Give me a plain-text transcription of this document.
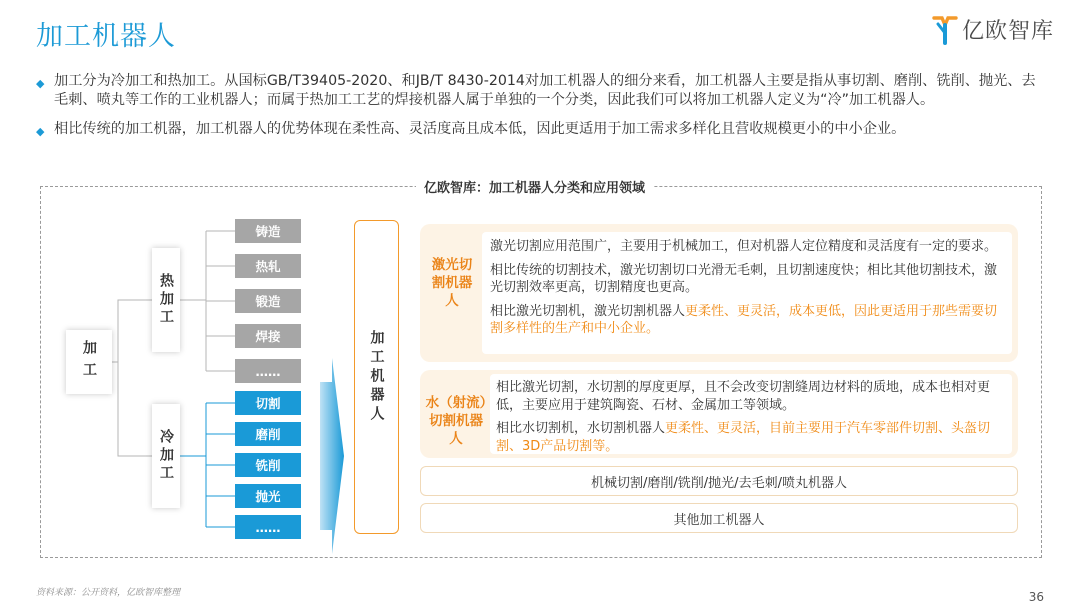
加工机器人	亿欧智库
◆ 加工分为冷加工和热加工。从国标GB/T39405-2020、和JB/T 8430-2014对加工机器人的细分来看，加工机器人主要是指从事切割、磨削、铣削、抛光、去毛刺、喷丸等工作的工业机器人；而属于热加工工艺的焊接机器人属于单独的一个分类，因此我们可以将加工机器人定义为“冷”加工机器人。
◆ 相比传统的加工机器，加工机器人的优势体现在柔性高、灵活度高且成本低，因此更适用于加工需求多样化且营收规模更小的中小企业。
亿欧智库：加工机器人分类和应用领域
加工
热加工
冷加工
铸造
热轧
锻造
焊接
……
切割
磨削
铣削
抛光
……
加工机器人
激光切割机器人

激光切割应用范围广，主要用于机械加工，但对机器人定位精度和灵活度有一定的要求。

相比传统的切割技术，激光切割切口光滑无毛刺，且切割速度快；相比其他切割技术，激光切割效率更高，切割精度也更高。

相比激光切割机，激光切割机器人更柔性、更灵活，成本更低，因此更适用于那些需要切割多样性的生产和中小企业。

水（射流）切割机器人

相比激光切割，水切割的厚度更厚，且不会改变切割缝周边材料的质地，成本也相对更低，主要应用于建筑陶瓷、石材、金属加工等领域。

相比水切割机，水切割机器人更柔性、更灵活，目前主要用于汽车零部件切割、头盔切割、3D产品切割等。

机械切割/磨削/铣削/抛光/去毛刺/喷丸机器人
其他加工机器人
资料来源：公开资料，亿欧智库整理	36
